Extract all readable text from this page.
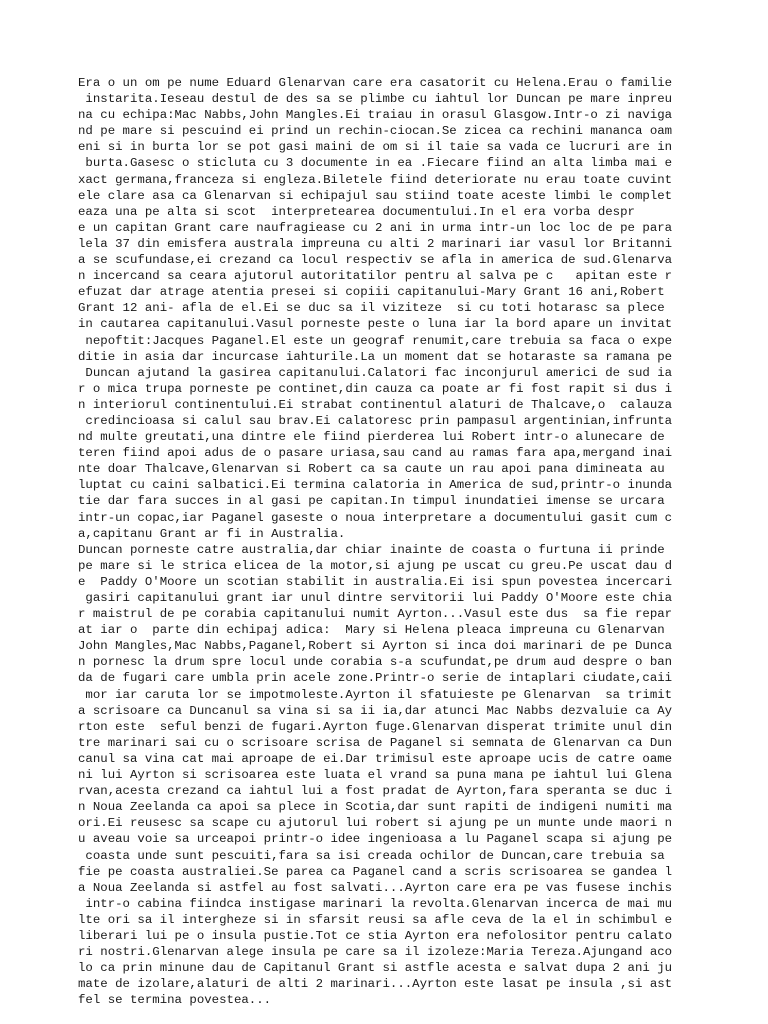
Era o un om pe nume Eduard Glenarvan care era casatorit cu Helena.Erau o familie
instarita.Ieseau destul de des sa se plimbe cu iahtul lor Duncan pe mare inpreu
na cu echipa:Mac Nabbs,John Mangles.Ei traiau in orasul Glasgow.Intr-o zi naviga
nd pe mare si pescuind ei prind un rechin-ciocan.Se zicea ca rechini mananca oam
eni si in burta lor se pot gasi maini de om si il taie sa vada ce lucruri are in
burta.Gasesc o sticluta cu 3 documente in ea .Fiecare fiind an alta limba mai e
xact germana,franceza si engleza.Biletele fiind deteriorate nu erau toate cuvint
ele clare asa ca Glenarvan si echipajul sau stiind toate aceste limbi le complet
eaza una pe alta si scot  interpretearea documentului.In el era vorba despr
e un capitan Grant care naufragiease cu 2 ani in urma intr-un loc loc de pe para
lela 37 din emisfera australa impreuna cu alti 2 marinari iar vasul lor Britanni
a se scufundase,ei crezand ca locul respectiv se afla in america de sud.Glenarva
n incercand sa ceara ajutorul autoritatilor pentru al salva pe c   apitan este r
efuzat dar atrage atentia presei si copiii capitanului-Mary Grant 16 ani,Robert
Grant 12 ani- afla de el.Ei se duc sa il viziteze  si cu toti hotarasc sa plece
in cautarea capitanului.Vasul porneste peste o luna iar la bord apare un invitat
nepoftit:Jacques Paganel.El este un geograf renumit,care trebuia sa faca o expe
ditie in asia dar incurcase iahturile.La un moment dat se hotaraste sa ramana pe
Duncan ajutand la gasirea capitanului.Calatori fac inconjurul americi de sud ia
r o mica trupa porneste pe continet,din cauza ca poate ar fi fost rapit si dus i
n interiorul continentului.Ei strabat continentul alaturi de Thalcave,o  calauza
credincioasa si calul sau brav.Ei calatoresc prin pampasul argentinian,infrunta
nd multe greutati,una dintre ele fiind pierderea lui Robert intr-o alunecare de
teren fiind apoi adus de o pasare uriasa,sau cand au ramas fara apa,mergand inai
nte doar Thalcave,Glenarvan si Robert ca sa caute un rau apoi pana dimineata au
luptat cu caini salbatici.Ei termina calatoria in America de sud,printr-o inunda
tie dar fara succes in al gasi pe capitan.In timpul inundatiei imense se urcara
intr-un copac,iar Paganel gaseste o noua interpretare a documentului gasit cum c
a,capitanu Grant ar fi in Australia.
Duncan porneste catre australia,dar chiar inainte de coasta o furtuna ii prinde
pe mare si le strica elicea de la motor,si ajung pe uscat cu greu.Pe uscat dau d
e  Paddy O'Moore un scotian stabilit in australia.Ei isi spun povestea incercari
gasiri capitanului grant iar unul dintre servitorii lui Paddy O'Moore este chia
r maistrul de pe corabia capitanului numit Ayrton...Vasul este dus  sa fie repar
at iar o  parte din echipaj adica:  Mary si Helena pleaca impreuna cu Glenarvan
John Mangles,Mac Nabbs,Paganel,Robert si Ayrton si inca doi marinari de pe Dunca
n pornesc la drum spre locul unde corabia s-a scufundat,pe drum aud despre o ban
da de fugari care umbla prin acele zone.Printr-o serie de intaplari ciudate,caii
mor iar caruta lor se impotmoleste.Ayrton il sfatuieste pe Glenarvan  sa trimit
a scrisoare ca Duncanul sa vina si sa ii ia,dar atunci Mac Nabbs dezvaluie ca Ay
rton este  seful benzi de fugari.Ayrton fuge.Glenarvan disperat trimite unul din
tre marinari sai cu o scrisoare scrisa de Paganel si semnata de Glenarvan ca Dun
canul sa vina cat mai aproape de ei.Dar trimisul este aproape ucis de catre oame
ni lui Ayrton si scrisoarea este luata el vrand sa puna mana pe iahtul lui Glena
rvan,acesta crezand ca iahtul lui a fost pradat de Ayrton,fara speranta se duc i
n Noua Zeelanda ca apoi sa plece in Scotia,dar sunt rapiti de indigeni numiti ma
ori.Ei reusesc sa scape cu ajutorul lui robert si ajung pe un munte unde maori n
u aveau voie sa urceapoi printr-o idee ingenioasa a lu Paganel scapa si ajung pe
coasta unde sunt pescuiti,fara sa isi creada ochilor de Duncan,care trebuia sa
fie pe coasta australiei.Se parea ca Paganel cand a scris scrisoarea se gandea l
a Noua Zeelanda si astfel au fost salvati...Ayrton care era pe vas fusese inchis
intr-o cabina fiindca instigase marinari la revolta.Glenarvan incerca de mai mu
lte ori sa il intergheze si in sfarsit reusi sa afle ceva de la el in schimbul e
liberari lui pe o insula pustie.Tot ce stia Ayrton era nefolositor pentru calato
ri nostri.Glenarvan alege insula pe care sa il izoleze:Maria Tereza.Ajungand aco
lo ca prin minune dau de Capitanul Grant si astfle acesta e salvat dupa 2 ani ju
mate de izolare,alaturi de alti 2 marinari...Ayrton este lasat pe insula ,si ast
fel se termina povestea...
